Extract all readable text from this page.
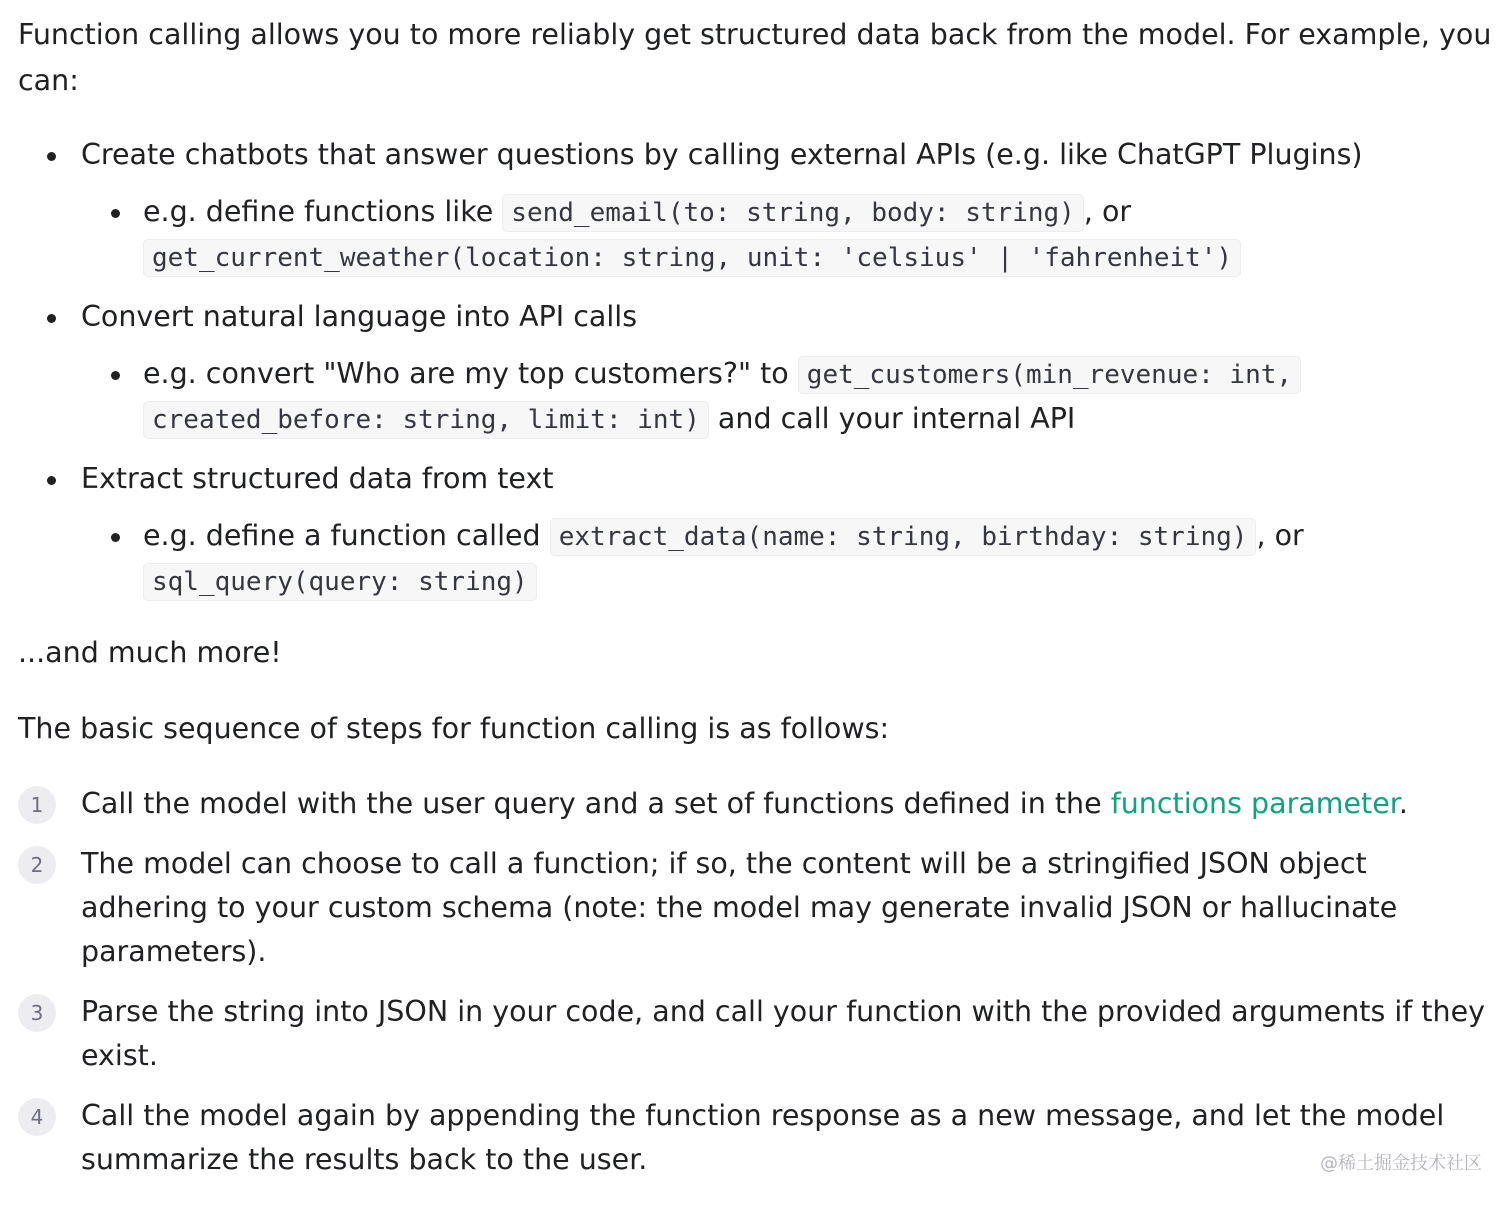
Function calling allows you to more reliably get structured data back from the model. For example, you can:

Create chatbots that answer questions by calling external APIs (e.g. like ChatGPT Plugins)
e.g. define functions like send_email(to: string, body: string) , or get_current_weather(location: string, unit: 'celsius' | 'fahrenheit')
Convert natural language into API calls
e.g. convert "Who are my top customers?" to get_customers(min_revenue: int, created_before: string, limit: int) and call your internal API
Extract structured data from text
e.g. define a function called extract_data(name: string, birthday: string) , or sql_query(query: string)

...and much more!

The basic sequence of steps for function calling is as follows:

1	Call the model with the user query and a set of functions defined in the functions parameter.
2	The model can choose to call a function; if so, the content will be a stringified JSON object adhering to your custom schema (note: the model may generate invalid JSON or hallucinate parameters).
3	Parse the string into JSON in your code, and call your function with the provided arguments if they exist.
4	Call the model again by appending the function response as a new message, and let the model summarize the results back to the user.	@稀土掘金技术社区
